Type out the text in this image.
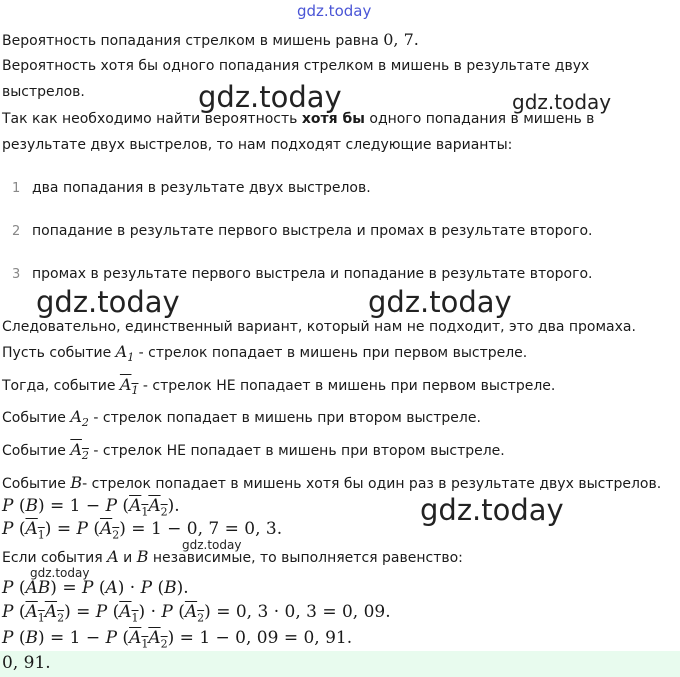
gdz.today
gdz.today	gdz.today
gdz.today	gdz.today
gdz.today
gdz.today
gdz.today
Вероятность попадания стрелком в мишень равна 0, 7.
Вероятность хотя бы одного попадания стрелком в мишень в результате двух
выстрелов.
Так как необходимо найти вероятность хотя бы одного попадания в мишень в
результате двух выстрелов, то нам подходят следующие варианты:
1 два попадания в результате двух выстрелов.
2 попадание в результате первого выстрела и промах в результате второго.
3 промах в результате первого выстрела и попадание в результате второго.
Следовательно, единственный вариант, который нам не подходит, это два промаха.
Пусть событие $A_1$ - стрелок попадает в мишень при первом выстреле.
Тогда, событие $A_1$ - стрелок НЕ попадает в мишень при первом выстреле.
Событие $A_2$ - стрелок попадает в мишень при втором выстреле.
Событие $A_2$ - стрелок НЕ попадает в мишень при втором выстреле.
Событие B- стрелок попадает в мишень хотя бы один раз в результате двух выстрелов.
P (B) = 1 − P $(A_1A_2)$.
P $(A_1) = P$ $(A_2) = 1 - 0$, 7 = 0, 3.
Если события A и B независимые, то выполняется равенство:
P (AB) = P (A) · P (B).
P $(A_1A_2) = P$ $(A_1) \cdot P$ $(A_2) = 0$, 3 · 0, 3 = 0, 09.
P (B) = 1 − P $(A_1A_2) = 1 - 0$, 09 = 0, 91.
0, 91.
